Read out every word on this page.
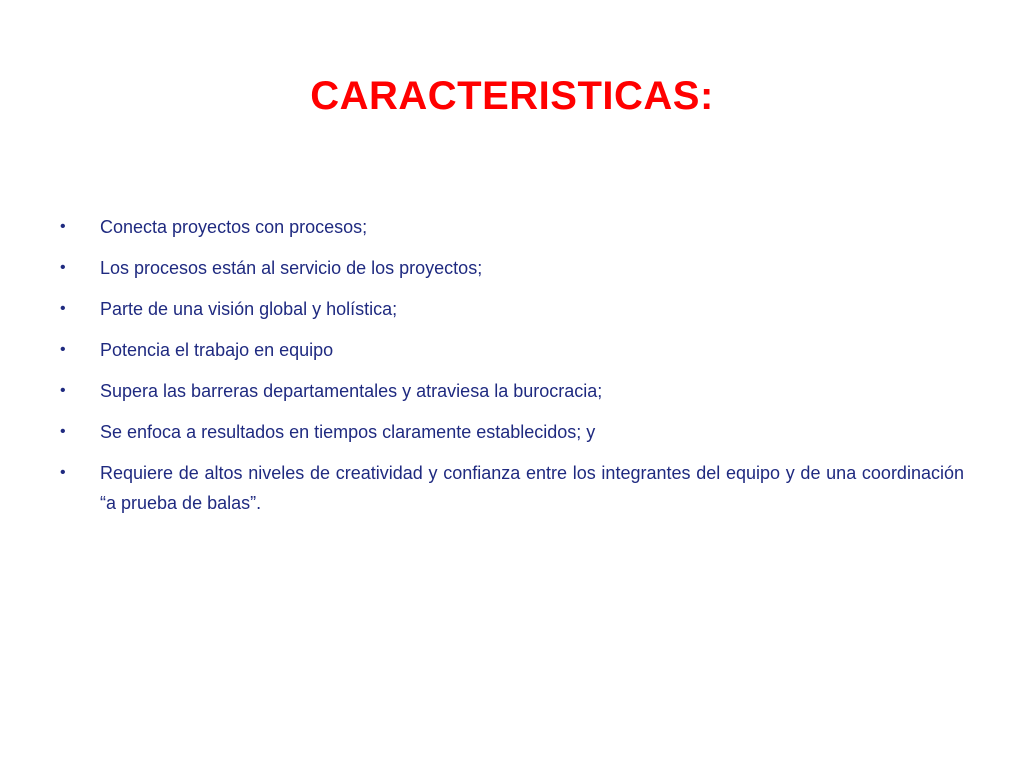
CARACTERISTICAS:
•	Conecta proyectos con procesos;
•	Los procesos están al servicio de los proyectos;
•	Parte de una visión global y holística;
•	Potencia el trabajo en equipo
•	Supera las barreras departamentales y atraviesa la burocracia;
•	Se enfoca a resultados en tiempos claramente establecidos; y
•	Requiere de altos niveles de creatividad y confianza entre los integrantes del equipo y de una coordinación “a prueba de balas”.
